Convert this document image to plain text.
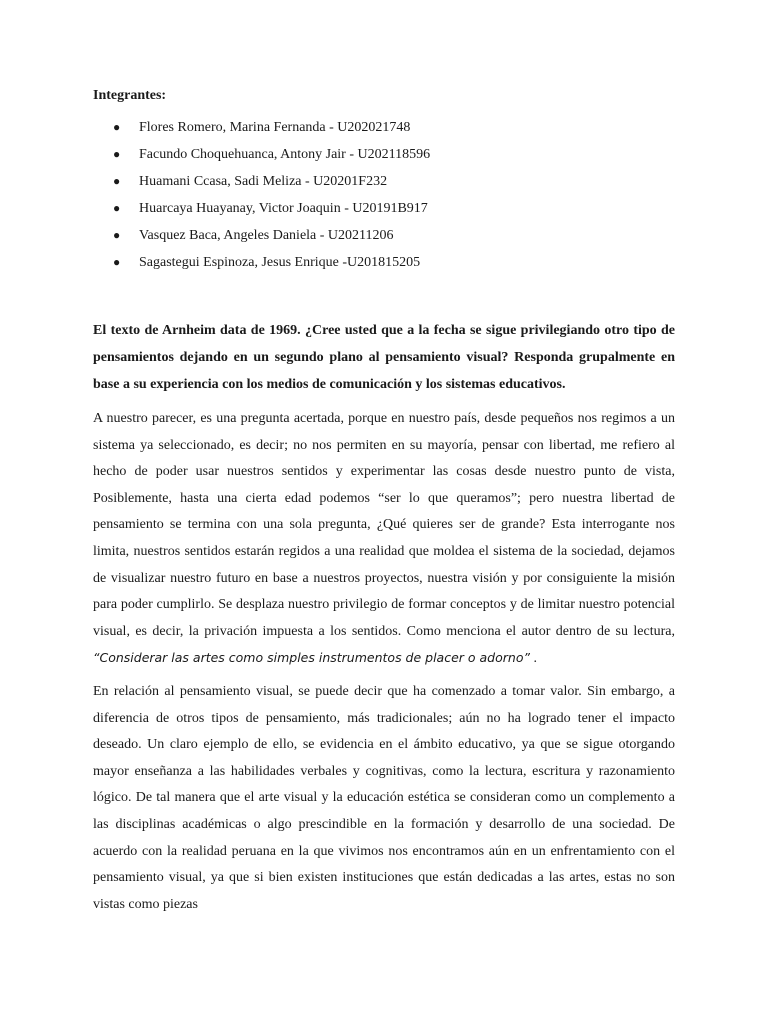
Integrantes:
● Flores Romero, Marina Fernanda - U202021748
● Facundo Choquehuanca, Antony Jair - U202118596
● Huamani Ccasa, Sadi Meliza - U20201F232
● Huarcaya Huayanay, Victor Joaquin - U20191B917
● Vasquez Baca, Angeles Daniela - U20211206
● Sagastegui Espinoza, Jesus Enrique -U201815205

El texto de Arnheim data de 1969. ¿Cree usted que a la fecha se sigue privilegiando otro tipo de pensamientos dejando en un segundo plano al pensamiento visual? Responda grupalmente en base a su experiencia con los medios de comunicación y los sistemas educativos.

A nuestro parecer, es una pregunta acertada, porque en nuestro país, desde pequeños nos regimos a un sistema ya seleccionado, es decir; no nos permiten en su mayoría, pensar con libertad, me refiero al hecho de poder usar nuestros sentidos y experimentar las cosas desde nuestro punto de vista, Posiblemente, hasta una cierta edad podemos “ser lo que queramos”; pero nuestra libertad de pensamiento se termina con una sola pregunta, ¿Qué quieres ser de grande? Esta interrogante nos limita, nuestros sentidos estarán regidos a una realidad que moldea el sistema de la sociedad, dejamos de visualizar nuestro futuro en base a nuestros proyectos, nuestra visión y por consiguiente la misión para poder cumplirlo. Se desplaza nuestro privilegio de formar conceptos y de limitar nuestro potencial visual, es decir, la privación impuesta a los sentidos. Como menciona el autor dentro de su lectura, “Considerar las artes como simples instrumentos de placer o adorno” .

En relación al pensamiento visual, se puede decir que ha comenzado a tomar valor. Sin embargo, a diferencia de otros tipos de pensamiento, más tradicionales; aún no ha logrado tener el impacto deseado. Un claro ejemplo de ello, se evidencia en el ámbito educativo, ya que se sigue otorgando mayor enseñanza a las habilidades verbales y cognitivas, como la lectura, escritura y razonamiento lógico. De tal manera que el arte visual y la educación estética se consideran como un complemento a las disciplinas académicas o algo prescindible en la formación y desarrollo de una sociedad. De acuerdo con la realidad peruana en la que vivimos nos encontramos aún en un enfrentamiento con el pensamiento visual, ya que si bien existen instituciones que están dedicadas a las artes, estas no son vistas como piezas
